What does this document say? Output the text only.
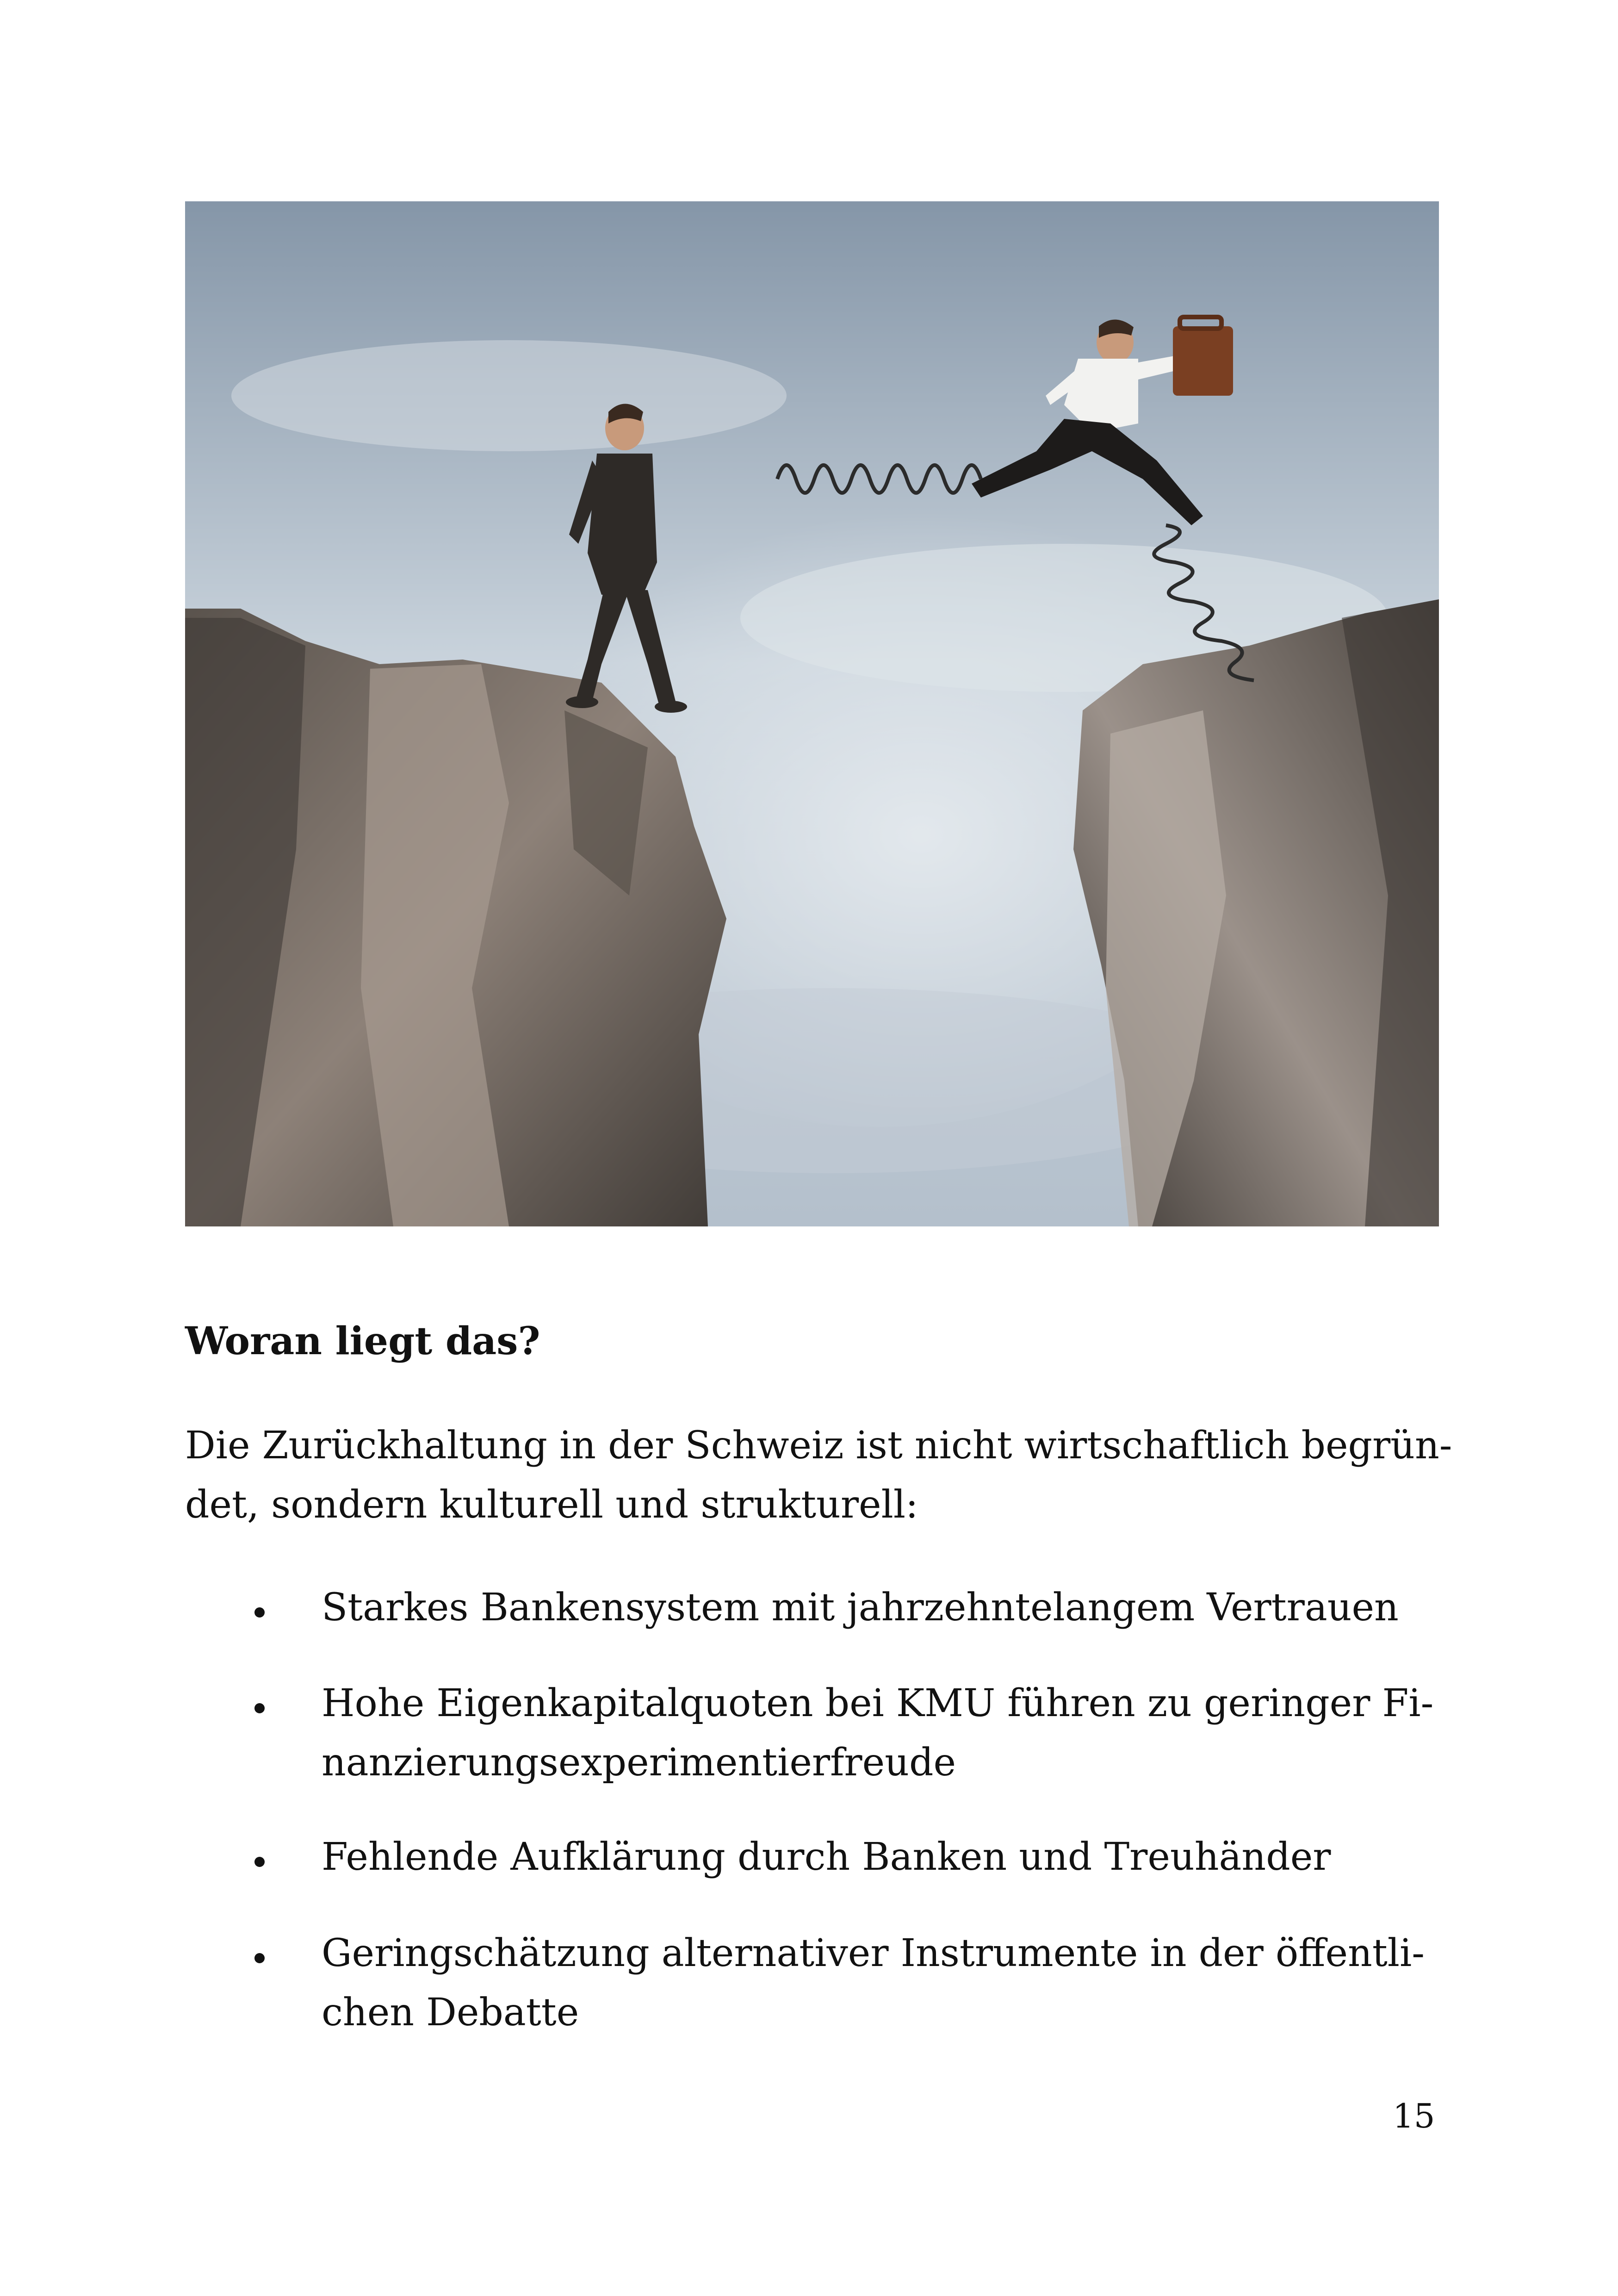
Woran liegt das?
Die Zurückhaltung in der Schweiz ist nicht wirtschaftlich begrün-
det, sondern kulturell und strukturell:
Starkes Bankensystem mit jahrzehntelangem Vertrauen
Hohe Eigenkapitalquoten bei KMU führen zu geringer Fi-
nanzierungsexperimentierfreude
Fehlende Aufklärung durch Banken und Treuhänder
Geringschätzung alternativer Instrumente in der öffentli-
chen Debatte
15
